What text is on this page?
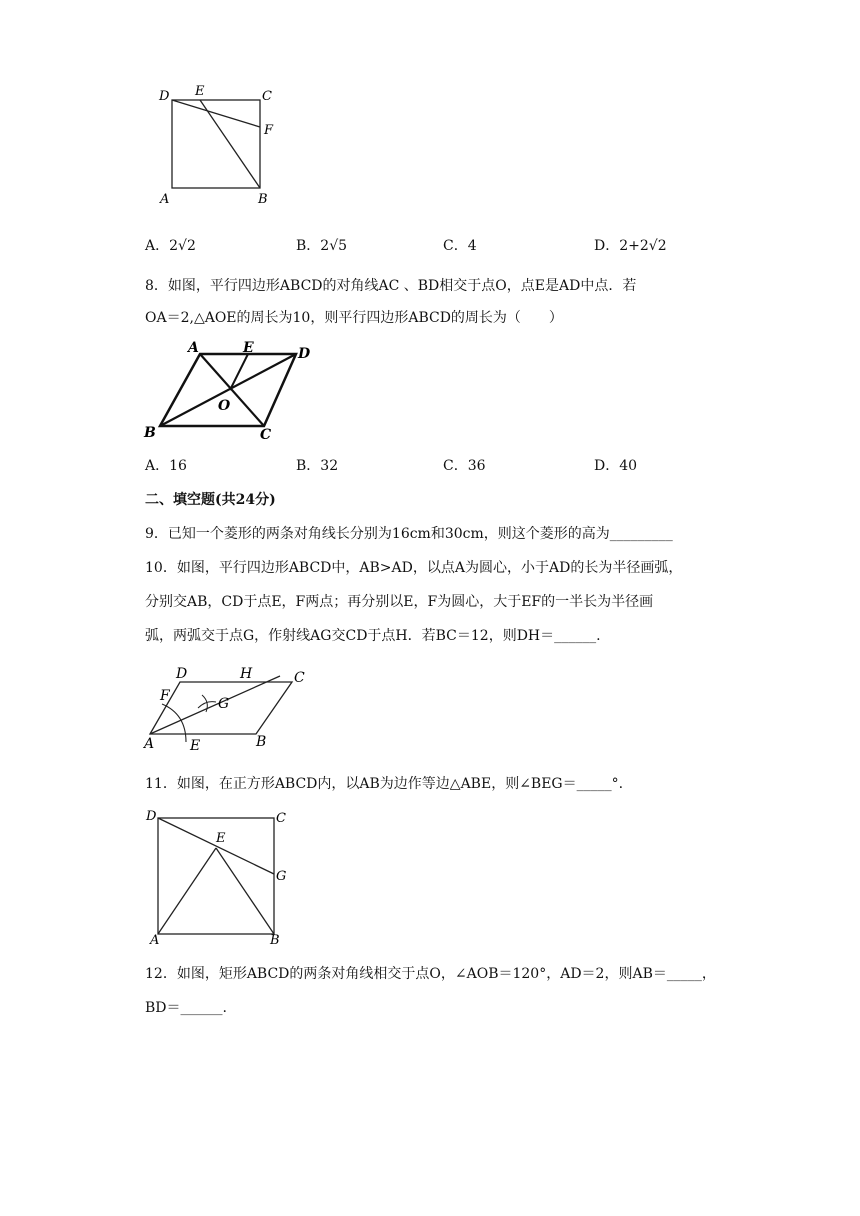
D E	C
F
A	B
A．2√2	B．2√5	C．4	D．2+2√2
8．如图，平行四边形ABCD的对角线AC 、BD相交于点O，点E是AD中点．若
OA＝2,△AOE的周长为10，则平行四边形ABCD的周长为（　　）
A	E	D
O
B	C
A．16	B．32	C．36	D．40
二、填空题(共24分)
9．已知一个菱形的两条对角线长分别为16cm和30cm，则这个菱形的高为_________
10．如图，平行四边形ABCD中，AB>AD，以点A为圆心，小于AD的长为半径画弧，
分别交AB，CD于点E，F两点；再分别以E，F为圆心，大于EF的一半长为半径画
弧，两弧交于点G，作射线AG交CD于点H．若BC＝12，则DH＝______.
D	H	C
F	G
A	E	B
11．如图，在正方形ABCD内，以AB为边作等边△ABE，则∠BEG＝_____°.
D	C
E
G
A	B
12．如图，矩形ABCD的两条对角线相交于点O，∠AOB＝120°，AD＝2，则AB＝_____，
BD＝______.
